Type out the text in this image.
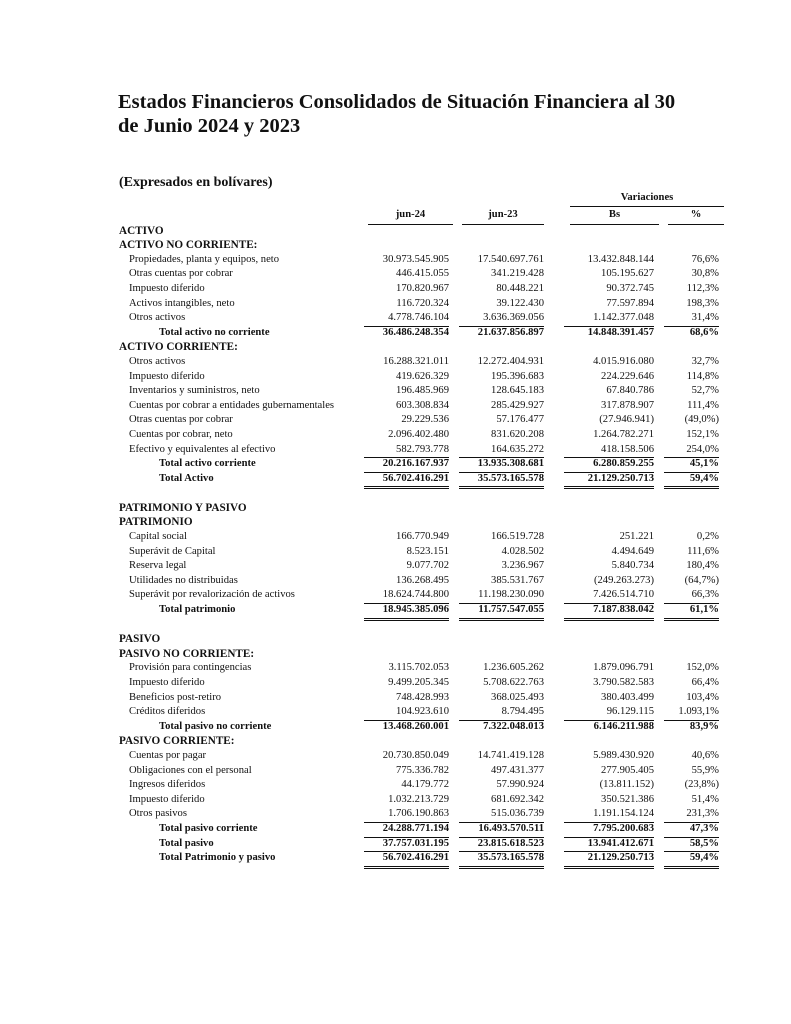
Estados Financieros Consolidados de Situación Financiera al 30 de Junio 2024 y 2023
(Expresados en bolívares)
Variaciones
jun-24	jun-23	Bs	%
ACTIVO
ACTIVO NO CORRIENTE:
Propiedades, planta y equipos, neto	30.973.545.905	17.540.697.761	13.432.848.144	76,6%
Otras cuentas por cobrar	446.415.055	341.219.428	105.195.627	30,8%
Impuesto diferido	170.820.967	80.448.221	90.372.745	112,3%
Activos intangibles, neto	116.720.324	39.122.430	77.597.894	198,3%
Otros activos	4.778.746.104	3.636.369.056	1.142.377.048	31,4%
Total activo no corriente	36.486.248.354	21.637.856.897	14.848.391.457	68,6%
ACTIVO CORRIENTE:
Otros activos	16.288.321.011	12.272.404.931	4.015.916.080	32,7%
Impuesto diferido	419.626.329	195.396.683	224.229.646	114,8%
Inventarios y suministros, neto	196.485.969	128.645.183	67.840.786	52,7%
Cuentas por cobrar a entidades gubernamentales	603.308.834	285.429.927	317.878.907	111,4%
Otras cuentas por cobrar	29.229.536	57.176.477	(27.946.941)	(49,0%)
Cuentas por cobrar, neto	2.096.402.480	831.620.208	1.264.782.271	152,1%
Efectivo y equivalentes al efectivo	582.793.778	164.635.272	418.158.506	254,0%
Total activo corriente	20.216.167.937	13.935.308.681	6.280.859.255	45,1%
Total Activo	56.702.416.291	35.573.165.578	21.129.250.713	59,4%
PATRIMONIO Y PASIVO
PATRIMONIO
Capital social	166.770.949	166.519.728	251.221	0,2%
Superávit de Capital	8.523.151	4.028.502	4.494.649	111,6%
Reserva legal	9.077.702	3.236.967	5.840.734	180,4%
Utilidades no distribuidas	136.268.495	385.531.767	(249.263.273)	(64,7%)
Superávit por revalorización de activos	18.624.744.800	11.198.230.090	7.426.514.710	66,3%
Total patrimonio	18.945.385.096	11.757.547.055	7.187.838.042	61,1%
PASIVO
PASIVO NO CORRIENTE:
Provisión para contingencias	3.115.702.053	1.236.605.262	1.879.096.791	152,0%
Impuesto diferido	9.499.205.345	5.708.622.763	3.790.582.583	66,4%
Beneficios post-retiro	748.428.993	368.025.493	380.403.499	103,4%
Créditos diferidos	104.923.610	8.794.495	96.129.115	1.093,1%
Total pasivo no corriente	13.468.260.001	7.322.048.013	6.146.211.988	83,9%
PASIVO CORRIENTE:
Cuentas por pagar	20.730.850.049	14.741.419.128	5.989.430.920	40,6%
Obligaciones con el personal	775.336.782	497.431.377	277.905.405	55,9%
Ingresos diferidos	44.179.772	57.990.924	(13.811.152)	(23,8%)
Impuesto diferido	1.032.213.729	681.692.342	350.521.386	51,4%
Otros pasivos	1.706.190.863	515.036.739	1.191.154.124	231,3%
Total pasivo corriente	24.288.771.194	16.493.570.511	7.795.200.683	47,3%
Total pasivo	37.757.031.195	23.815.618.523	13.941.412.671	58,5%
Total Patrimonio y pasivo	56.702.416.291	35.573.165.578	21.129.250.713	59,4%
